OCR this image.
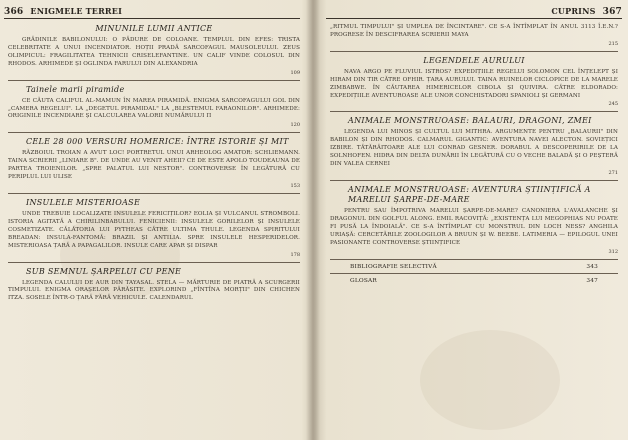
366 ENIGMELE TERREI

MINUNILE LUMII ANTICE

GRĂDINILE BABILONULUI: O PĂDURE DE COLOANE. TEMPLUL DIN EFES: TRISTA CELEBRITATE A UNUI INCENDIATOR. HOȚII PRADĂ SARCOFAGUL MAUSOLEULUI. ZEUS OLIMPICUL: FRAGILITATEA TEHNICII CRISELEFANTINE. UN CALIF VINDE COLOSUL DIN RHODOS. ARHIMEDE ȘI OGLINDA FARULUI DIN ALEXANDRIA

109

Tainele marii piramide

CE CĂUTA CALIFUL AL-MAMUN ÎN MAREA PIRAMIDĂ. ENIGMA SARCOFAGULUI GOL DIN „CAMERA REGELUI". LA „DEGETUL PIRAMIDAL" LA „BLESTEMUL FARAONILOR". ARHIMEDE: ORIGINILE INCENDIARE ȘI CALCULAREA VALORII NUMĂRULUI Π

120

CELE 28 000 VERSURI HOMERICE: ÎNTRE ISTORIE ȘI MIT

RĂZBOIUL TROIAN A AVUT LOC! PORTRETUL UNUI ARHEOLOG AMATOR: SCHLIEMANN. TAINA SCRIERII „LINIARE B". DE UNDE AU VENIT AHEII? CE DE ESTE APOLO TOUDEAUNA DE PARTEA TROIENILOR. „SPRE PALATUL LUI NESTOR". CONTROVERSE ÎN LEGĂTURĂ CU PERIPLUL LUI ULISE

153

INSULELE MISTERIOASE

UNDE TREBUIE LOCALIZATE INSULELE FERICIȚILOR? EOLIA ȘI VULCANUL STROMBOLI. ISTORIA AGITATĂ A CHIRILINBABULUI. FENICIENII: INSULELE GORILELOR ȘI INSULELE COSMETIZATE. CĂLĂTORIA LUI PYTHEAS CĂTRE ULTIMA THULE. LEGENDA SPIRITULUI BREADAN: INSULA-FANTOMĂ: BRAZIL ȘI ANTILIA. SPRE INSULELE HESPERIDELOR. MISTERIOASA ȚARĂ A PAPAGALILOR. INSULE CARE APAR ȘI DISPAR

178

SUB SEMNUL ȘARPELUI CU PENE

LEGENDA CALULUI DE AUR DIN TAYASAL. STELA — MĂRTURIE DE PIATRĂ A SCURGERII TIMPULUI. ENIGMA ORAȘELOR PĂRĂSITE. EXPLORIND „FÎNTÎNA MORȚII" DIN CHICHEN ITZA. SOSELE ÎNTR-O ȚARĂ FĂRĂ VEHICULE. CALENDARUL

CUPRINS 367

„RITMUL TIMPULUI" ȘI UMPLEA DE ÎNCINTARE". CE S-A ÎNTÎMPLAT ÎN ANUL 3113 Î.E.N.? PROGRESE ÎN DESCIFRAREA SCRIERII MAYA

215

LEGENDELE AURULUI

NAVA ARGO PE FLUVIUL ISTROS? EXPEDIȚIILE REGELUI SOLOMON CEL ÎNȚELEPT ȘI HIRAM DIN TIR CĂTRE OFHIR. ȚARA AURULUI. TAINA RUINELOR CICLOPICE DE LA MARELE ZIMBABWE. ÎN CĂUTAREA HIMERICELOR CIBOLA ȘI QUIVIRA. CĂTRE ELDORADO: EXPEDIȚIILE AVENTUROASE ALE UNOR CONCHISTADORI SPANIOLI ȘI GERMANI

245

ANIMALE MONSTRUOASE: BALAURI, DRAGONI, ZMEI

LEGENDA LUI MINOS ȘI CULTUL LUI MITHRA. ARGUMENTE PENTRU „BALAURII" DIN BABILON ȘI DIN RHODOS. CALMARUL GIGANTIC: AVENTURA NAVEI ALECTON. SOVIEȚICI IZBIRE. TĂTĂRĂITOARE ALE LUI CONRAD GESNER. DORABUL A DESCOPERIRILE DE LA SOLNHOFEN. HIDRA DIN DELTA DUNĂRII ÎN LEGĂTURĂ CU O VECHE BALADĂ ȘI O PEȘTERĂ DIN VALEA CERNEI

271

ANIMALE MONSTRUOASE: AVENTURA ȘTIINȚIFICĂ A MARELUI ȘARPE-DE-MARE

PENTRU SAU ÎMPOTRIVA MARELUI ȘARPE-DE-MARE? CANONIERA L'AVALANCHE ȘI DRAGONUL DIN GOLFUL ALONG. EMIL RACOVIȚĂ: „EXISTENȚA LUI MEGOPHIAS NU POATE FI PUSĂ LA ÎNDOIALĂ". CE S-A ÎNTÎMPLAT CU MONSTRUL DIN LOCH NESS? ANGHILA URIAȘĂ: CERCETĂRILE ZOOLOGILOR A BRUUN ȘI W. BEEBE. LATIMERIA — EPILOGUL UNEI PASIONANTE CONTROVERSE ȘTIINȚIFICE

312
BIBLIOGRAFIE SELECTIVĂ	343
GLOSAR	347
